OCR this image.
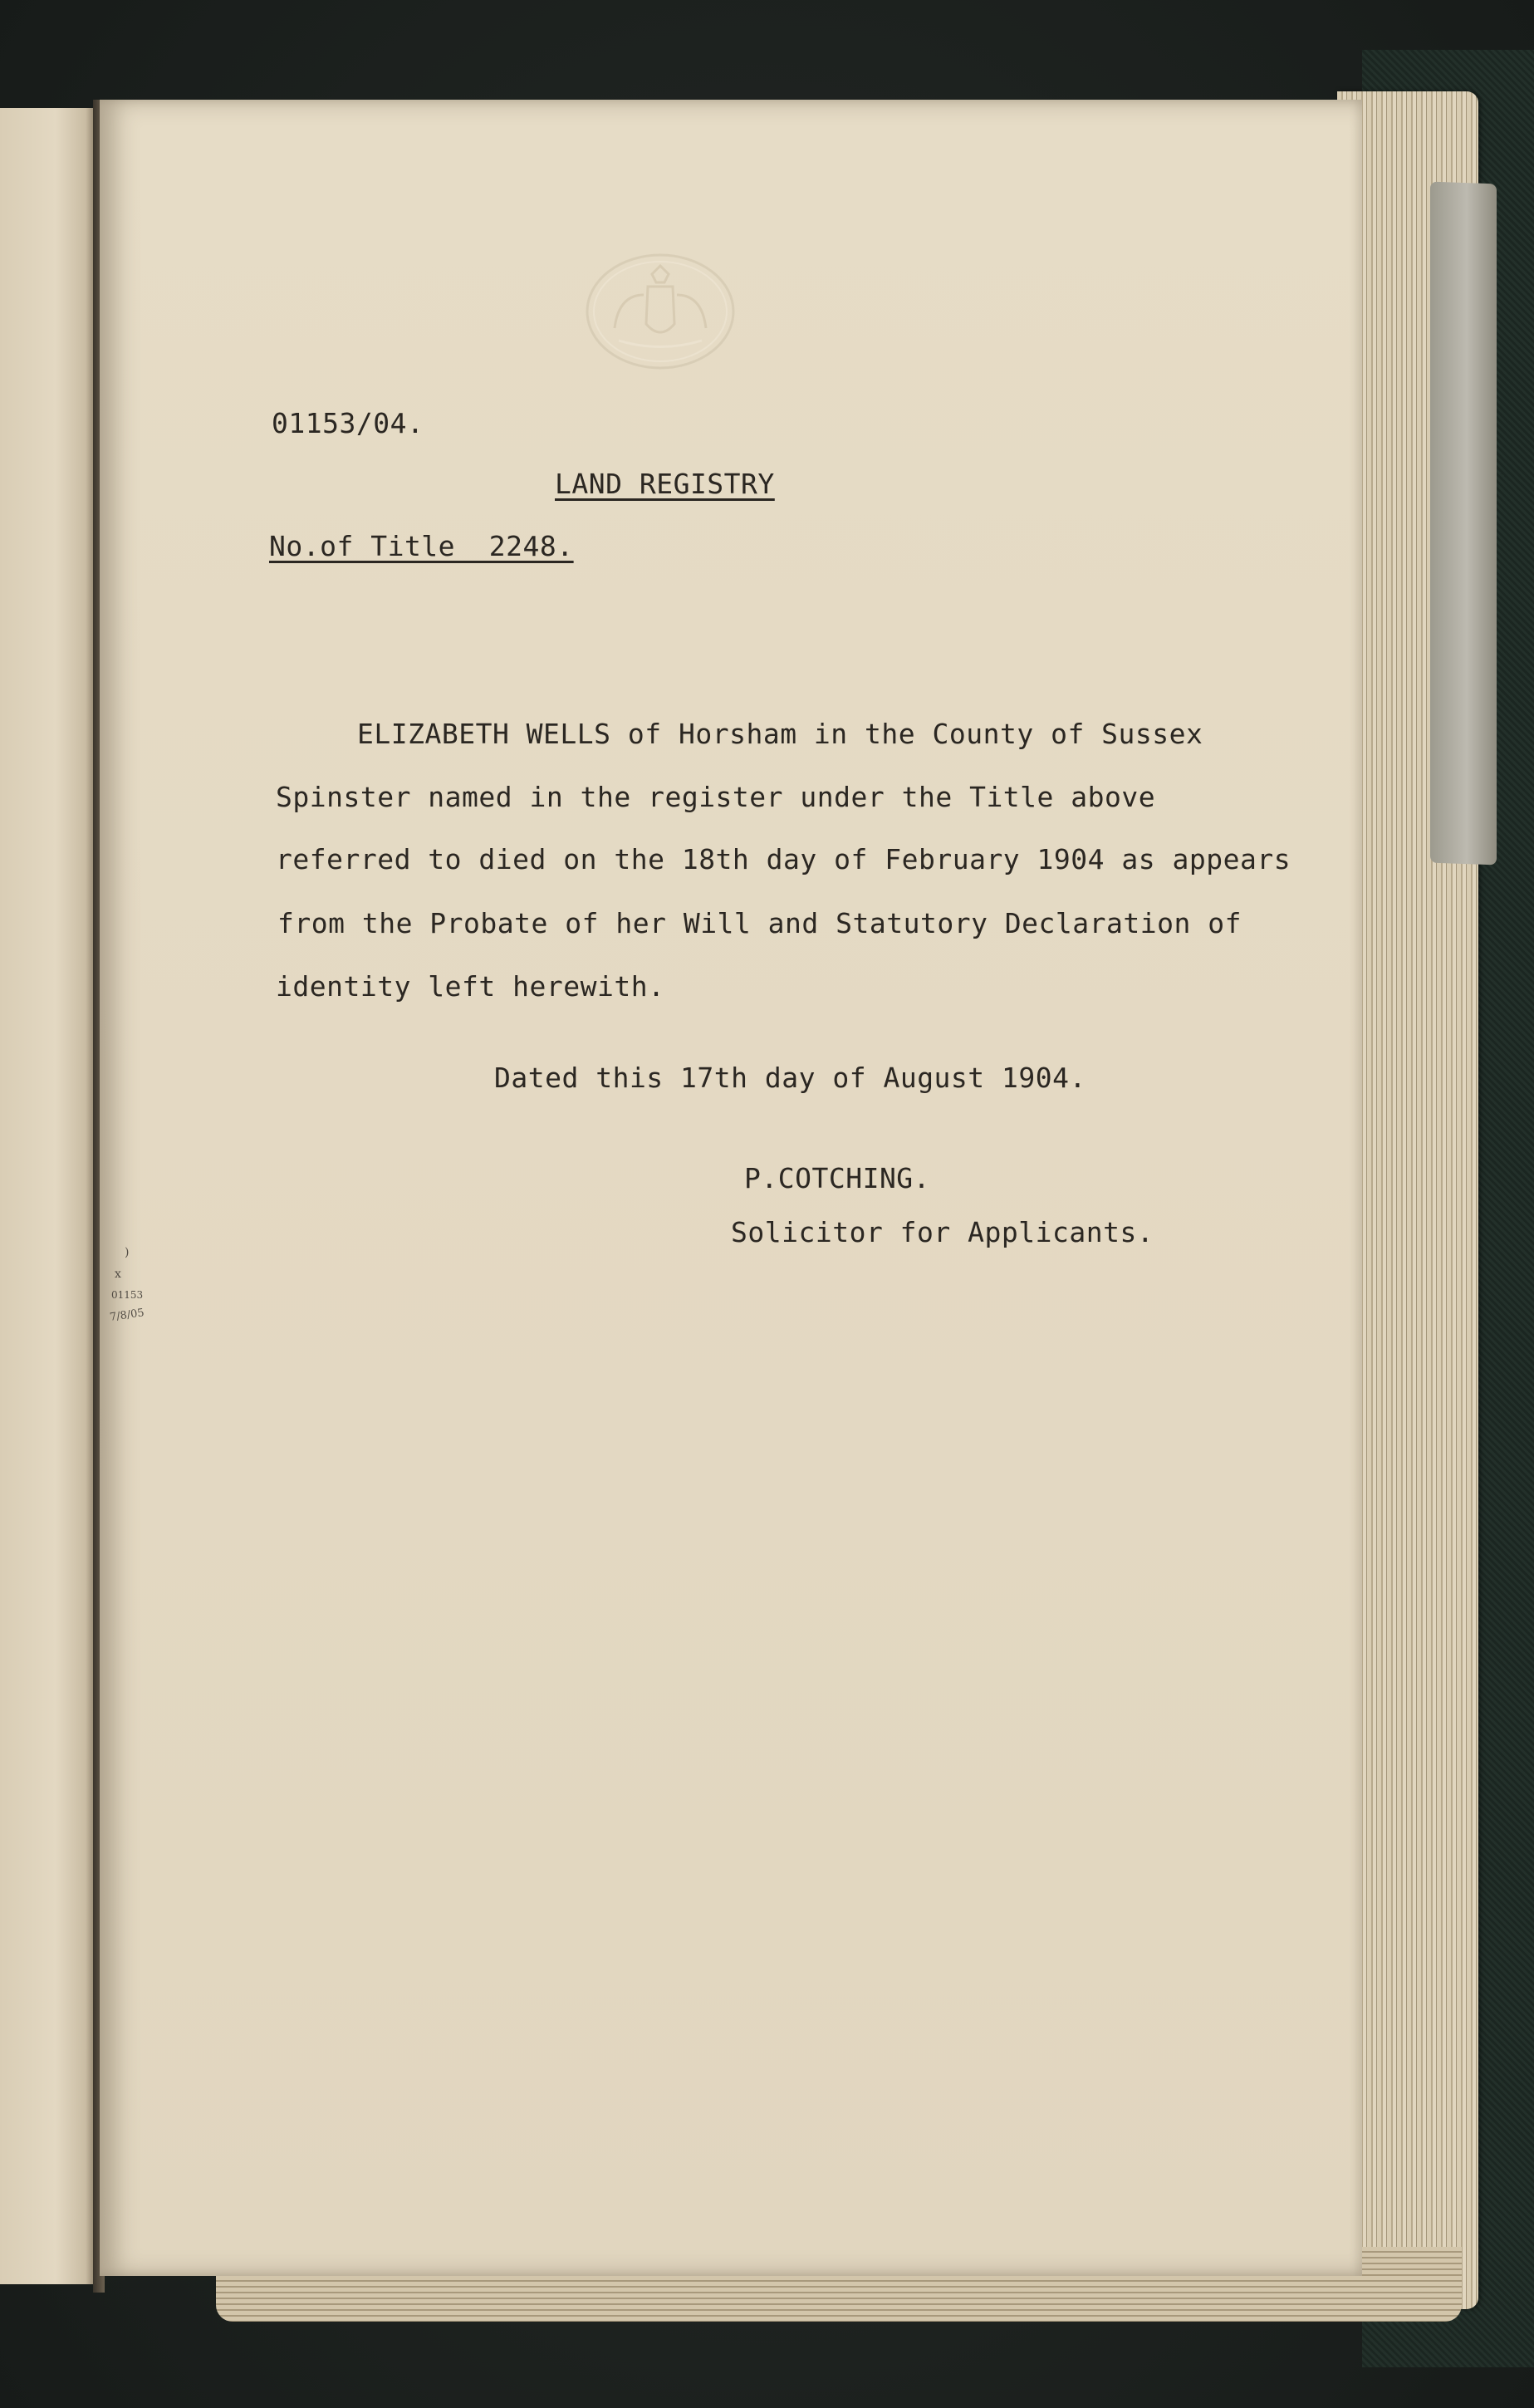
01153/04.

LAND REGISTRY

No.of Title  2248.

ELIZABETH WELLS of Horsham in the County of Sussex

Spinster named in the register under the Title above

referred to died on the 18th day of February 1904 as appears

from the Probate of her Will and Statutory Declaration of

identity left herewith.

Dated this 17th day of August 1904.

P.COTCHING.

Solicitor for Applicants.

)
x
01153
7/8/05
